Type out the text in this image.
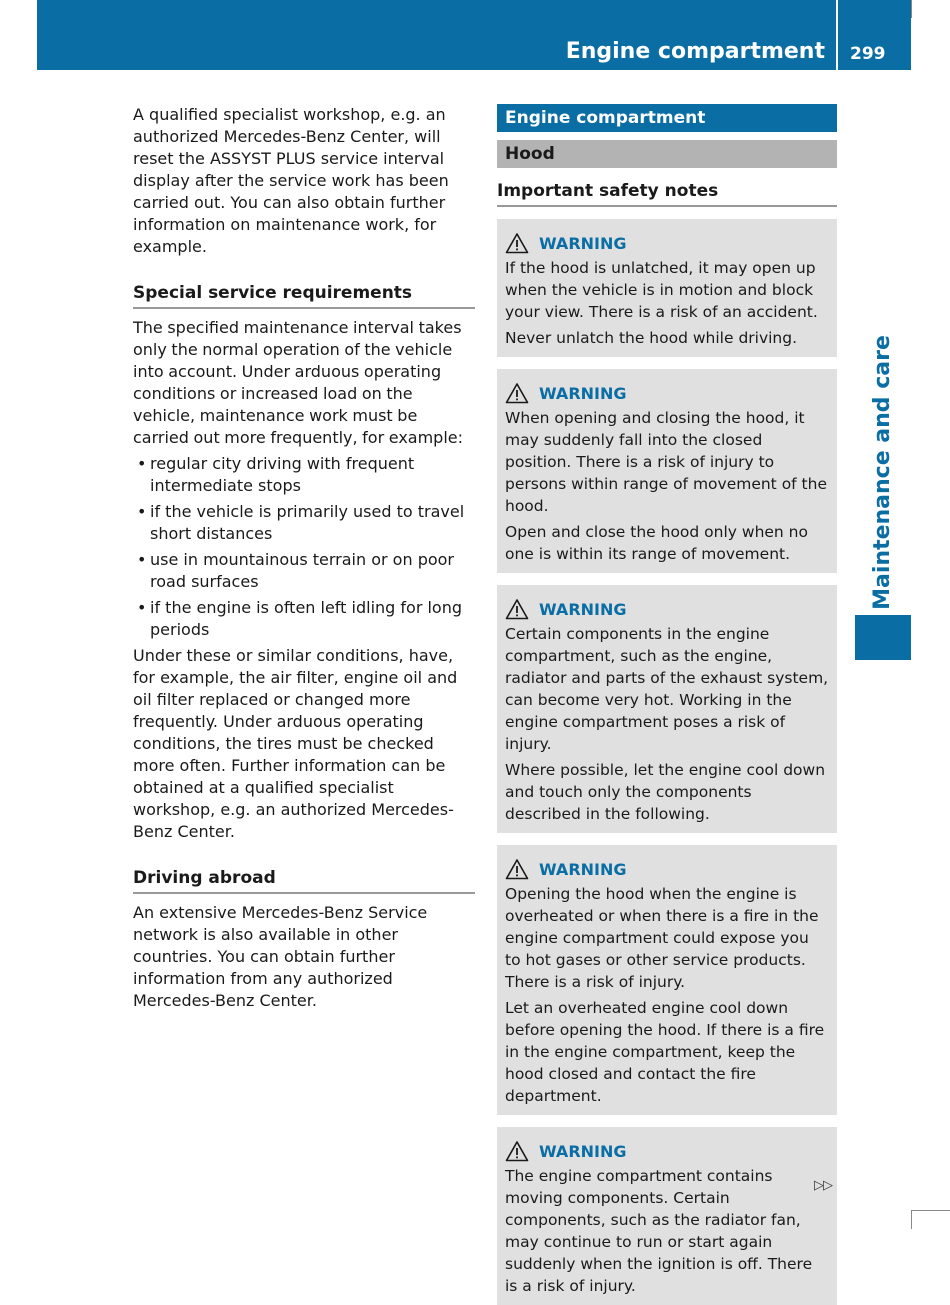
Engine compartment 299
Maintenance and care

A qualified specialist workshop, e.g. an authorized Mercedes-Benz Center, will reset the ASSYST PLUS service interval display after the service work has been carried out. You can also obtain further information on maintenance work, for example.

Special service requirements

The specified maintenance interval takes only the normal operation of the vehicle into account. Under arduous operating conditions or increased load on the vehicle, maintenance work must be carried out more frequently, for example:

• regular city driving with frequent intermediate stops
• if the vehicle is primarily used to travel short distances
• use in mountainous terrain or on poor road surfaces
• if the engine is often left idling for long periods

Under these or similar conditions, have, for example, the air filter, engine oil and oil filter replaced or changed more frequently. Under arduous operating conditions, the tires must be checked more often. Further information can be obtained at a qualified specialist workshop, e.g. an authorized Mercedes-Benz Center.

Driving abroad

An extensive Mercedes-Benz Service network is also available in other countries. You can obtain further information from any authorized Mercedes-Benz Center.

Engine compartment
Hood
Important safety notes
WARNING

If the hood is unlatched, it may open up when the vehicle is in motion and block your view. There is a risk of an accident.

Never unlatch the hood while driving.

WARNING

When opening and closing the hood, it may suddenly fall into the closed position. There is a risk of injury to persons within range of movement of the hood.

Open and close the hood only when no one is within its range of movement.

WARNING

Certain components in the engine compartment, such as the engine, radiator and parts of the exhaust system, can become very hot. Working in the engine compartment poses a risk of injury.

Where possible, let the engine cool down and touch only the components described in the following.

WARNING

Opening the hood when the engine is overheated or when there is a fire in the engine compartment could expose you to hot gases or other service products. There is a risk of injury.

Let an overheated engine cool down before opening the hood. If there is a fire in the engine compartment, keep the hood closed and contact the fire department.

WARNING

The engine compartment contains moving components. Certain components, such as the radiator fan, may continue to run or start again suddenly when the ignition is off. There is a risk of injury.

▷▷
